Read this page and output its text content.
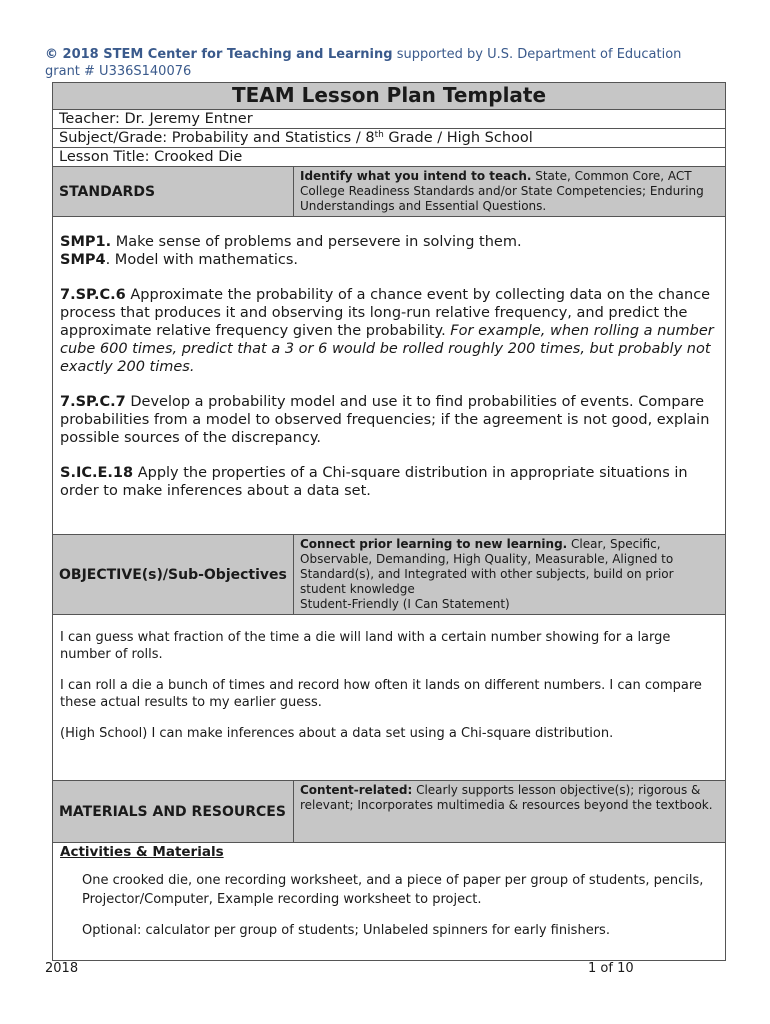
© 2018 STEM Center for Teaching and Learning supported by U.S. Department of Education grant # U336S140076
TEAM Lesson Plan Template	
Teacher: Dr. Jeremy Entner	
Subject/Grade: Probability and Statistics / 8th Grade / High School	
Lesson Title: Crooked Die	
STANDARDS	Identify what you intend to teach. State, Common Core, ACT College Readiness Standards and/or State Competencies; Enduring Understandings and Essential Questions.

SMP1. Make sense of problems and persevere in solving them.
SMP4. Model with mathematics.

7.SP.C.6 Approximate the probability of a chance event by collecting data on the chance process that produces it and observing its long-run relative frequency, and predict the approximate relative frequency given the probability. For example, when rolling a number cube 600 times, predict that a 3 or 6 would be rolled roughly 200 times, but probably not exactly 200 times.

7.SP.C.7 Develop a probability model and use it to find probabilities of events. Compare probabilities from a model to observed frequencies; if the agreement is not good, explain possible sources of the discrepancy.

S.IC.E.18 Apply the properties of a Chi-square distribution in appropriate situations in order to make inferences about a data set.	

OBJECTIVE(s)/Sub-Objectives	Connect prior learning to new learning. Clear, Specific, Observable, Demanding, High Quality, Measurable, Aligned to Standard(s), and Integrated with other subjects, build on prior student knowledge
Student-Friendly (I Can Statement)

I can guess what fraction of the time a die will land with a certain number showing for a large number of rolls.

I can roll a die a bunch of times and record how often it lands on different numbers. I can compare these actual results to my earlier guess.

(High School) I can make inferences about a data set using a Chi-square distribution.	

MATERIALS AND RESOURCES	Content-related: Clearly supports lesson objective(s); rigorous & relevant; Incorporates multimedia & resources beyond the textbook.

Activities & Materials

One crooked die, one recording worksheet, and a piece of paper per group of students, pencils, Projector/Computer, Example recording worksheet to project.

Optional: calculator per group of students; Unlabeled spinners for early finishers.	

2018	1 of 10
